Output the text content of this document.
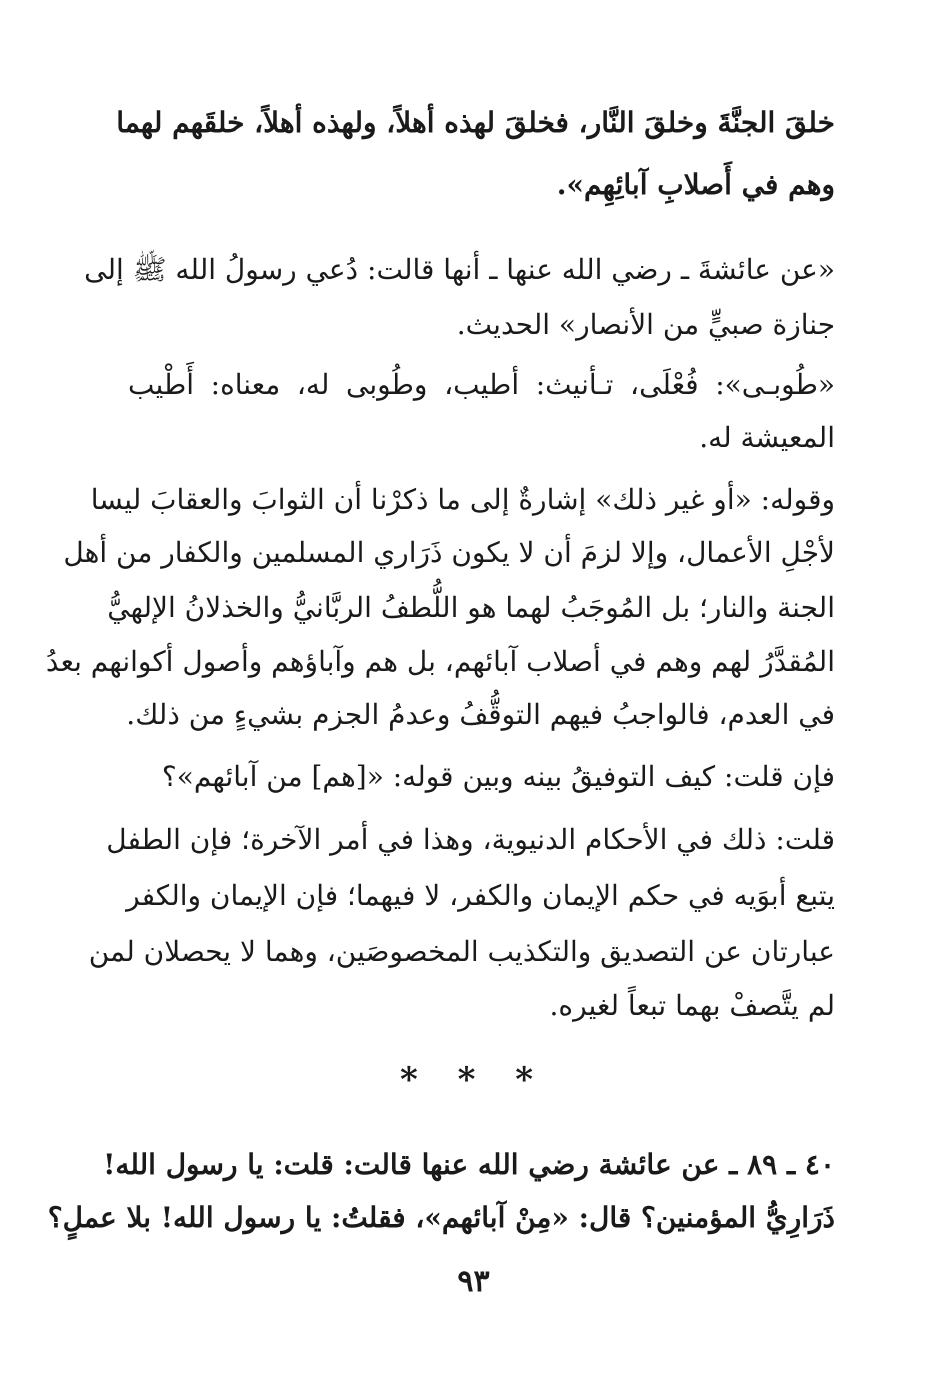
خلقَ الجنَّةَ وخلقَ النَّار، فخلقَ لهذه أهلاً، ولهذه أهلاً، خلقَهم لهما
وهم في أَصلابِ آبائِهِم».
«عن عائشةَ ـ رضي الله عنها ـ أنها قالت: دُعي رسولُ الله ﷺ إلى
جنازة صبيٍّ من الأنصار» الحديث.
«طُوبـى»: فُعْلَى، تـأنيث: أطيب، وطُوبى له، معناه: أَطْيب
المعيشة له.
وقوله: «أو غير ذلك» إشارةٌ إلى ما ذكرْنا أن الثوابَ والعقابَ ليسا
لأجْلِ الأعمال، وإلا لزمَ أن لا يكون ذَرَاري المسلمين والكفار من أهل
الجنة والنار؛ بل المُوجَبُ لهما هو اللُّطفُ الربَّانيُّ والخذلانُ الإلهيُّ
المُقدَّرُ لهم وهم في أصلاب آبائهم، بل هم وآباؤهم وأصول أكوانهم بعدُ
في العدم، فالواجبُ فيهم التوقُّفُ وعدمُ الجزم بشيءٍ من ذلك.
فإن قلت: كيف التوفيقُ بينه وبين قوله: «[هم] من آبائهم»؟
قلت: ذلك في الأحكام الدنيوية، وهذا في أمر الآخرة؛ فإن الطفل
يتبع أبوَيه في حكم الإيمان والكفر، لا فيهما؛ فإن الإيمان والكفر
عبارتان عن التصديق والتكذيب المخصوصَين، وهما لا يحصلان لمن
لم يتَّصفْ بهما تبعاً لغيره.
* * *
٤٠ ـ ٨٩ ـ عن عائشة رضي الله عنها قالت: قلت: يا رسول الله!
ذَرَارِيُّ المؤمنين؟ قال: «مِنْ آبائهم»، فقلتُ: يا رسول الله! بلا عملٍ؟
٩٣
